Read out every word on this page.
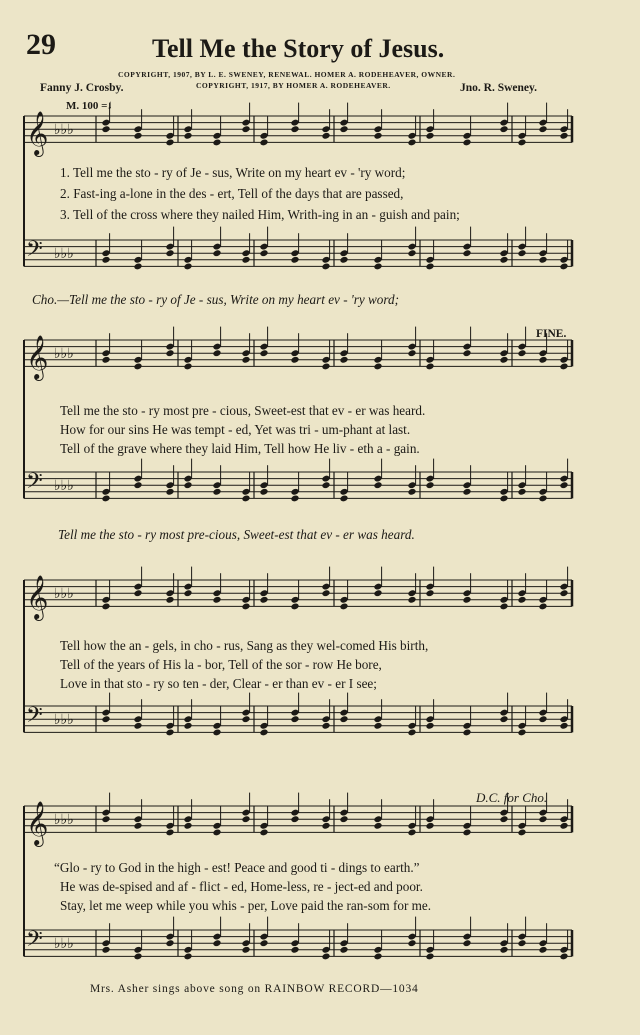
29	Tell Me the Story of Jesus.
COPYRIGHT, 1907, BY L. E. SWENEY, RENEWAL. HOMER A. RODEHEAVER, OWNER.
COPYRIGHT, 1917, BY HOMER A. RODEHEAVER.
Fanny J. Crosby.	Jno. R. Sweney.
M. 100 =♩
𝄞 ♭♭♭
𝄢 ♭♭♭
𝄞 ♭♭♭
𝄢 ♭♭♭
𝄞 ♭♭♭
𝄢 ♭♭♭
𝄞 ♭♭♭
𝄢 ♭♭♭
1. Tell me the sto - ry of Je - sus, Write on my heart ev - 'ry word;
2. Fast-ing a-lone in the des - ert, Tell of the days that are passed,
3. Tell of the cross where they nailed Him, Writh-ing in an - guish and pain;
Cho.—Tell me the sto - ry of Je - sus, Write on my heart ev - 'ry word;
FINE.
Tell me the sto - ry most pre - cious, Sweet-est that ev - er was heard.
How for our sins He was tempt - ed, Yet was tri - um-phant at last.
Tell of the grave where they laid Him, Tell how He liv - eth a - gain.
Tell me the sto - ry most pre-cious, Sweet-est that ev - er was heard.
Tell how the an - gels, in cho - rus, Sang as they wel-comed His birth,
Tell of the years of His la - bor, Tell of the sor - row He bore,
Love in that sto - ry so ten - der, Clear - er than ev - er I see;
D.C. for Cho.
“Glo - ry to God in the high - est! Peace and good ti - dings to earth.”
He was de-spised and af - flict - ed, Home-less, re - ject-ed and poor.
Stay, let me weep while you whis - per, Love paid the ran-som for me.
Mrs. Asher sings above song on RAINBOW RECORD—1034
